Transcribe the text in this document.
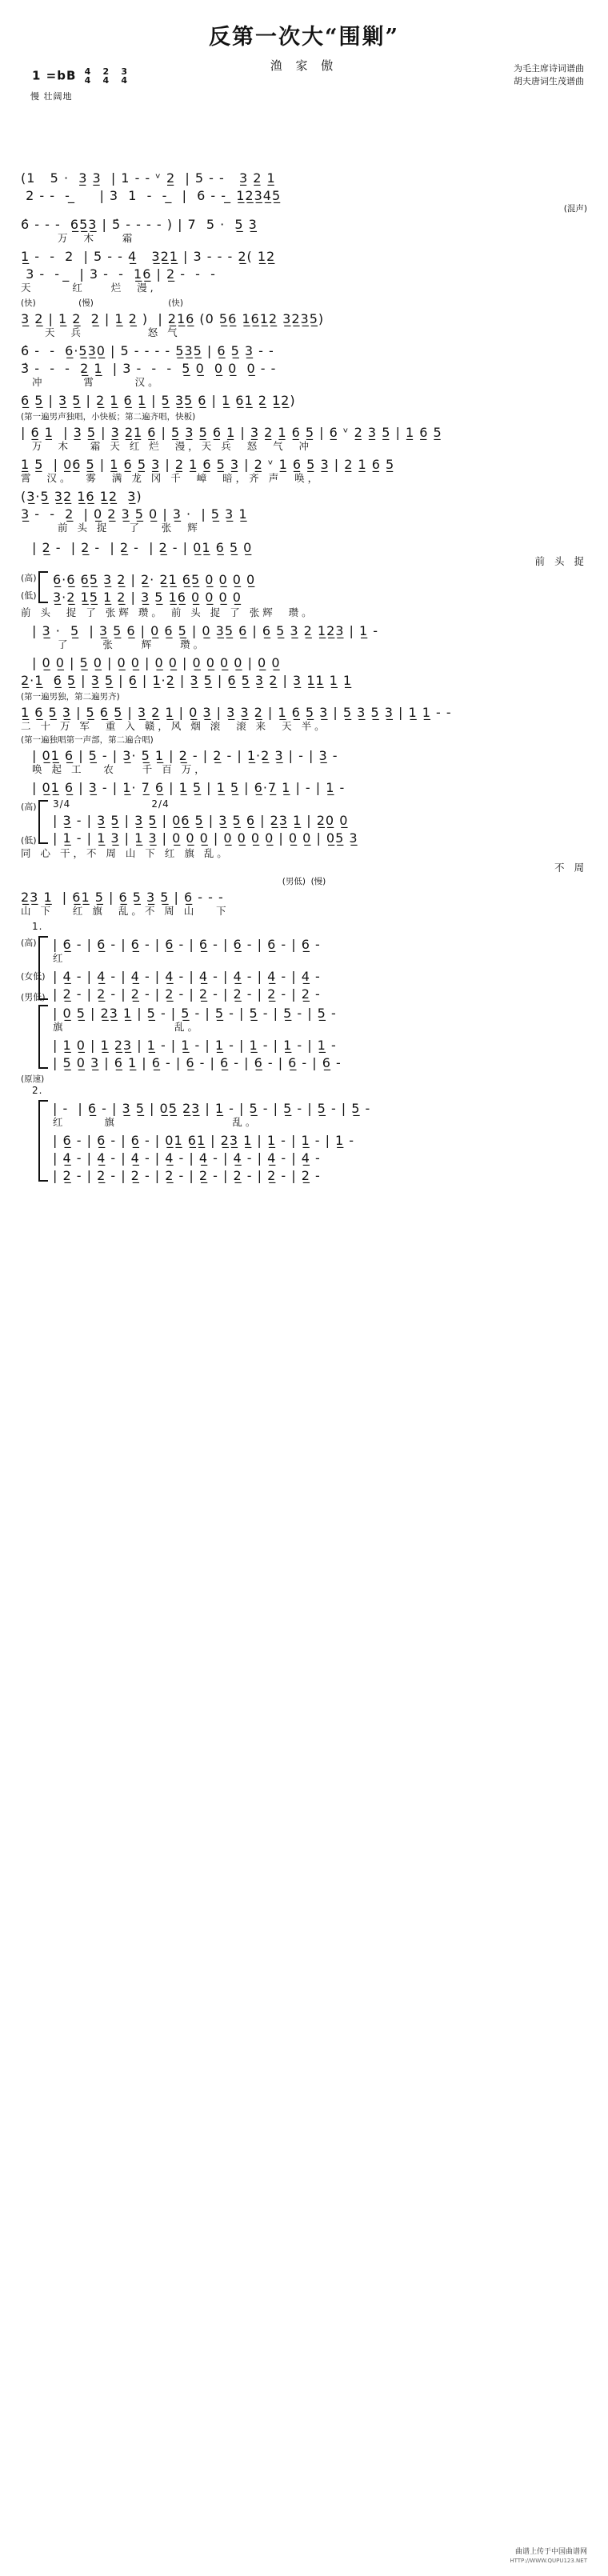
反第一次大“围剿”
渔 家 傲	为毛主席诗词谱曲
胡夫唐词生茂谱曲
1 =bB 4
4 2
4 3
4
慢 壮阔地
(1   5 ·  3̲ 3̲  | 1 - - ᵛ 2̲  | 5 - -   3̲ 2̲ 1̲
2 - -  - ̲     | 3  1  -  - ̲  |  6 - - ̲ 1̲2̲3̲4̲5̲
(混声)
6̇ - - -  6̲5̲3̲ | 5̇ - - - - ) | 7  5 ·  5̲ 3̲
万  木    霜
1̲ -  -  2  | 5 - - 4̲   3̲2̲1̲ | 3 - - - 2̲( 1̲2̲
3 -  -  ̲  | 3 -  -  1̲6̲ | 2̲ -  -  -
天      红    烂  漫,
(快)                (慢)                            (快)
3̲ 2̲ | 1̲ 2̲  2̲ | 1̲ 2̲ )  | 2̲1̲6̲ (0 5̲6̲ 1̲6̲1̲2̲ 3̲2̲3̲5̲)
天  兵          怒 气
6̇ -  -  6̲·5̲3̲0̲ | 5 - - - - 5̲3̲5̲ | 6̲ 5̲ 3̲ - -
3̇ -  -  -  2̲ 1̲  | 3 -  -  -  5̲ 0̲  0̲ 0̲  0̲ - -
冲      霄      汉。
6̲ 5̲ | 3̲ 5̲ | 2̲ 1̲ 6̲ 1̲ | 5̲ 3̲5̲ 6̲ | 1̲ 6̲1̲ 2̲ 1̲2̲)
(第一遍男声独唱，小快板；第二遍齐唱，快板)
| 6̲ 1̲  | 3̲ 5̲ | 3̲ 2̲1̲ 6̲ | 5̲ 3̲ 5̲ 6̲ 1̲ | 3̲ 2̲ 1̲ 6̲ 5̲ | 6̲ ᵛ 2̲ 3̲ 5̲ | 1̲ 6̲ 5̲
万  木   霜 天 红 烂  漫，天 兵  怒  气  冲
1̲ 5̲  | 0̲6̲ 5̲ | 1̲ 6̲ 5̲ 3̲ | 2̲ 1̲ 6̲ 5̲ 3̲ | 2̲ ᵛ 1̲ 6̲ 5̲ 3̲ | 2̲ 1̲ 6̲ 5̲
霄  汉。  雾  满 龙 冈 千  嶂  暗，齐 声  唤，
(3̲·5̲ 3̲2̲ 1̲6̲ 1̲2̲  3̲)
3̲ -  -  2̲  | 0̲ 2̲ 3̲ 5̲ 0̲ | 3̲ ·  | 5̲ 3̲ 1̲
前 头 捉   了   张  辉
| 2̲ -  | 2̲ -  | 2̲ -  | 2̲ - | 0̲1̲ 6̲ 5̲ 0̲
前 头 捉
(高) 6̲·6̲ 6̲5̲ 3̲ 2̲ | 2̲· 2̲1̲ 6̲5̲ 0̲ 0̲ 0̲ 0̲
(低) 3̲·2̲ 1̲5̲ 1̲ 2̲ | 3̲ 5̲ 1̲6̲ 0̲ 0̲ 0̲ 0̲
前 头  捉 了 张辉 瓒。 前 头 捉 了 张辉  瓒。
| 3̲ ·  5̲  | 3̲ 5̲ 6̲ | 0̲ 6̲ 5̲ | 0̲ 3̲5̲ 6̲ | 6̲ 5̲ 3̲ 2̲ 1̲2̲3̲ | 1̲ -
了     张    辉    瓒。
| 0̲ 0̲ | 5̲ 0̲ | 0̲ 0̲ | 0̲ 0̲ | 0̲ 0̲ 0̲ 0̲ | 0̲ 0̲
2̲·1̲  6̲ 5̲ | 3̲ 5̲ | 6̲ | 1̲·2̲ | 3̲ 5̲ | 6̲ 5̲ 3̲ 2̲ | 3̲ 1̲1̲ 1̲ 1̲
(第一遍男独，第二遍男齐)
1̲ 6̲ 5̲ 3̲ | 5̲ 6̲ 5̲ | 3̲ 2̲ 1̲ | 0̲ 3̲ | 3̲ 3̲ 2̲ | 1̲ 6̲ 5̲ 3̲ | 5̲ 3̲ 5̲ 3̲ | 1̲ 1̲ - -
二 十 万 军  重 入 赣，风 烟 滚  滚 来  天 半。
(第一遍独唱第一声部，第二遍合唱)
| 0̲1̲ 6̲ | 5̲ - | 3̲· 5̲ 1̲ | 2̲ - | 2̲ - | 1̲·2̲ 3̲ | - | 3̲ -
唤 起 工   农    千 百 万，
| 0̲1̲ 6̲ | 3̲ - | 1̲· 7̲ 6̲ | 1̲ 5̲ | 1̲ 5̲ | 6̲·7̲ 1̲ | - | 1̲ -
(高) 3/4                     2/4
| 3̲ - | 3̲ 5̲ | 3̲ 5̲ | 0̲6̲ 5̲ | 3̲ 5̲ 6̲ | 2̲3̲ 1̲ | 2̲0̲ 0̲
(低) | 1̲ - | 1̲ 3̲ | 1̲ 3̲ | 0̲ 0̲ 0̲ | 0̲ 0̲ 0̲ 0̲ | 0̲ 0̲ | 0̲5̲ 3̲
同 心 干，不 周 山 下 红 旗 乱。
不 周
(男低)  (慢)
2̲3̲ 1̲  | 6̲1̲ 5̲ | 6̲ 5̲ 3̲ 5̲ | 6̲ - - -
山 下   红 旗  乱。不 周 山   下
1.
(高) | 6̲ - | 6̲ - | 6̲ - | 6̲ - | 6̲ - | 6̲ - | 6̲ - | 6̲ -
红
(女低) | 4̲ - | 4̲ - | 4̲ - | 4̲ - | 4̲ - | 4̲ - | 4̲ - | 4̲ -
(男低) | 2̲ - | 2̲ - | 2̲ - | 2̲ - | 2̲ - | 2̲ - | 2̲ - | 2̲ -
| 0̲ 5̲ | 2̲3̲ 1̲ | 5̲ - | 5̲ - | 5̲ - | 5̲ - | 5̲ - | 5̲ -
旗                 乱。
| 1̲ 0̲ | 1̲ 2̲3̲ | 1̲ - | 1̲ - | 1̲ - | 1̲ - | 1̲ - | 1̲ -
| 5̲ 0̲ 3̲ | 6̲ 1̲ | 6̲ - | 6̲ - | 6̲ - | 6̲ - | 6̲ - | 6̲ -
(原速)
2.
| -  | 6̲ - | 3̲ 5̲ | 0̲5̲ 2̲3̲ | 1̲ - | 5̲ - | 5̲ - | 5̲ - | 5̲ -
红      旗                  乱。
| 6̲ - | 6̲ - | 6̲ - | 0̲1̲ 6̲1̲ | 2̲3̲ 1̲ | 1̲ - | 1̲ - | 1̲ -
| 4̲ - | 4̲ - | 4̲ - | 4̲ - | 4̲ - | 4̲ - | 4̲ - | 4̲ -
| 2̲ - | 2̲ - | 2̲ - | 2̲ - | 2̲ - | 2̲ - | 2̲ - | 2̲ -
曲谱上传于中国曲谱网
HTTP://WWW.QUPU123.NET
